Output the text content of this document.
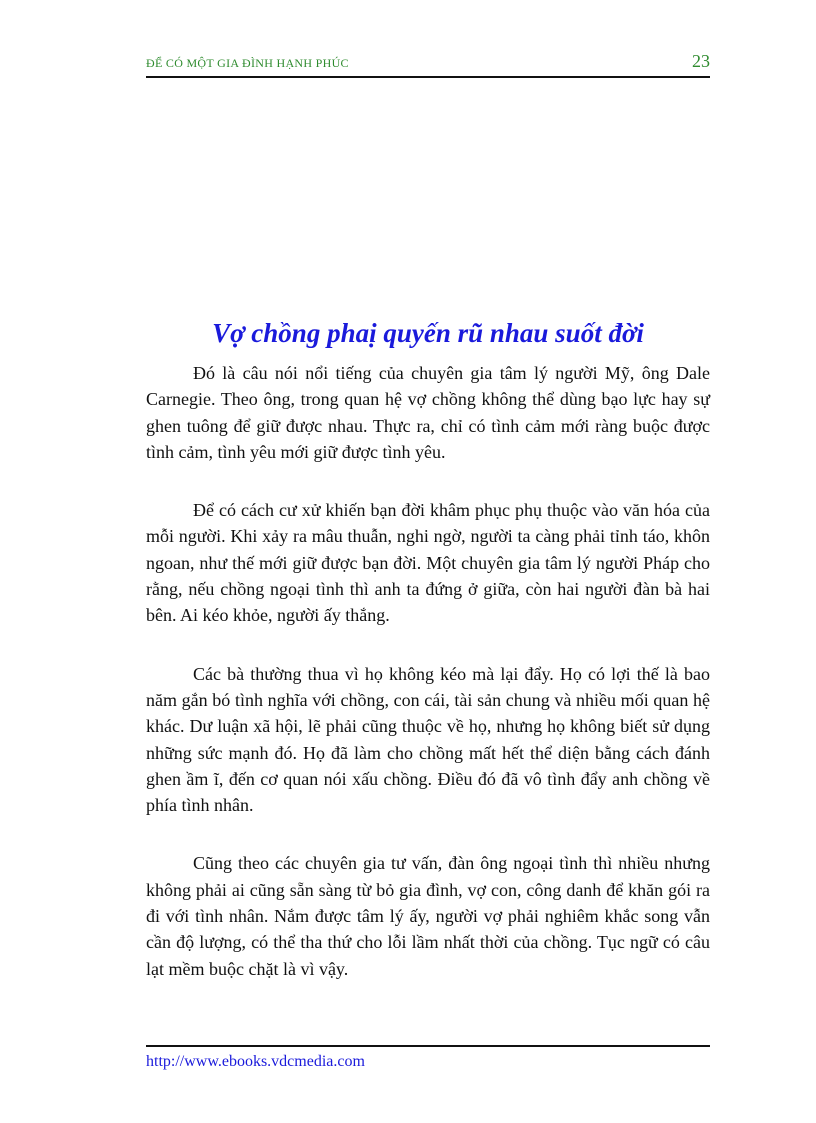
ĐỂ CÓ MỘT GIA ĐÌNH HẠNH PHÚC	23
Vợ chồng phaị quyến rũ nhau suốt đời

Đó là câu nói nổi tiếng của chuyên gia tâm lý người Mỹ, ông Dale Carnegie. Theo ông, trong quan hệ vợ chồng không thể dùng bạo lực hay sự ghen tuông để giữ được nhau. Thực ra, chỉ có tình cảm mới ràng buộc được tình cảm, tình yêu mới giữ được tình yêu.

Để có cách cư xử khiến bạn đời khâm phục phụ thuộc vào văn hóa của mỗi người. Khi xảy ra mâu thuẫn, nghi ngờ, người ta càng phải tỉnh táo, khôn ngoan, như thế mới giữ được bạn đời. Một chuyên gia tâm lý người Pháp cho rằng, nếu chồng ngoại tình thì anh ta đứng ở giữa, còn hai người đàn bà hai bên. Ai kéo khỏe, người ấy thắng.

Các bà thường thua vì họ không kéo mà lại đẩy. Họ có lợi thế là bao năm gắn bó tình nghĩa với chồng, con cái, tài sản chung và nhiều mối quan hệ khác. Dư luận xã hội, lẽ phải cũng thuộc về họ, nhưng họ không biết sử dụng những sức mạnh đó. Họ đã làm cho chồng mất hết thể diện bằng cách đánh ghen ầm ĩ, đến cơ quan nói xấu chồng. Điều đó đã vô tình đẩy anh chồng về phía tình nhân.

Cũng theo các chuyên gia tư vấn, đàn ông ngoại tình thì nhiều nhưng không phải ai cũng sẵn sàng từ bỏ gia đình, vợ con, công danh để khăn gói ra đi với tình nhân. Nắm được tâm lý ấy, người vợ phải nghiêm khắc song vẫn cần độ lượng, có thể tha thứ cho lỗi lầm nhất thời của chồng. Tục ngữ có câu lạt mềm buộc chặt là vì vậy.

http://www.ebooks.vdcmedia.com
